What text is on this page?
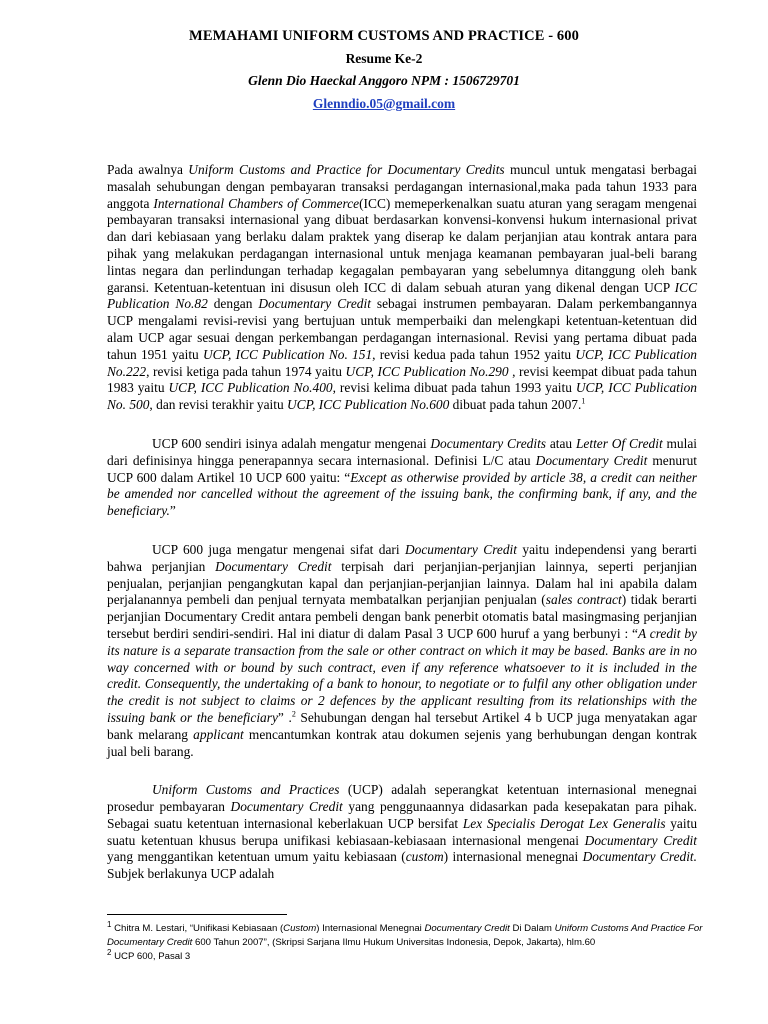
MEMAHAMI UNIFORM CUSTOMS AND PRACTICE - 600
Resume Ke-2
Glenn Dio Haeckal Anggoro NPM : 1506729701
Glenndio.05@gmail.com

Pada awalnya Uniform Customs and Practice for Documentary Credits muncul untuk mengatasi berbagai masalah sehubungan dengan pembayaran transaksi perdagangan internasional,maka pada tahun 1933 para anggota International Chambers of Commerce(ICC) memeperkenalkan suatu aturan yang seragam mengenai pembayaran transaksi internasional yang dibuat berdasarkan konvensi-konvensi hukum internasional privat dan dari kebiasaan yang berlaku dalam praktek yang diserap ke dalam perjanjian atau kontrak antara para pihak yang melakukan perdagangan internasional untuk menjaga keamanan pembayaran jual-beli barang lintas negara dan perlindungan terhadap kegagalan pembayaran yang sebelumnya ditanggung oleh bank garansi. Ketentuan-ketentuan ini disusun oleh ICC di dalam sebuah aturan yang dikenal dengan UCP ICC Publication No.82 dengan Documentary Credit sebagai instrumen pembayaran. Dalam perkembangannya UCP mengalami revisi-revisi yang bertujuan untuk memperbaiki dan melengkapi ketentuan-ketentuan did alam UCP agar sesuai dengan perkembangan perdagangan internasional. Revisi yang pertama dibuat pada tahun 1951 yaitu UCP, ICC Publication No. 151, revisi kedua pada tahun 1952 yaitu UCP, ICC Publication No.222, revisi ketiga pada tahun 1974 yaitu UCP, ICC Publication No.290 , revisi keempat dibuat pada tahun 1983 yaitu UCP, ICC Publication No.400, revisi kelima dibuat pada tahun 1993 yaitu UCP, ICC Publication No. 500, dan revisi terakhir yaitu UCP, ICC Publication No.600 dibuat pada tahun 2007.$^1$

UCP 600 sendiri isinya adalah mengatur mengenai Documentary Credits atau Letter Of Credit mulai dari definisinya hingga penerapannya secara internasional. Definisi L/C atau Documentary Credit menurut UCP 600 dalam Artikel 10 UCP 600 yaitu: “Except as otherwise provided by article 38, a credit can neither be amended nor cancelled without the agreement of the issuing bank, the confirming bank, if any, and the beneficiary.”

UCP 600 juga mengatur mengenai sifat dari Documentary Credit yaitu independensi yang berarti bahwa perjanjian Documentary Credit terpisah dari perjanjian-perjanjian lainnya, seperti perjanjian penjualan, perjanjian pengangkutan kapal dan perjanjian-perjanjian lainnya. Dalam hal ini apabila dalam perjalanannya pembeli dan penjual ternyata membatalkan perjanjian penjualan (sales contract) tidak berarti perjanjian Documentary Credit antara pembeli dengan bank penerbit otomatis batal masingmasing perjanjian tersebut berdiri sendiri-sendiri. Hal ini diatur di dalam Pasal 3 UCP 600 huruf a yang berbunyi : “A credit by its nature is a separate transaction from the sale or other contract on which it may be based. Banks are in no way concerned with or bound by such contract, even if any reference whatsoever to it is included in the credit. Consequently, the undertaking of a bank to honour, to negotiate or to fulfil any other obligation under the credit is not subject to claims or 2 defences by the applicant resulting from its relationships with the issuing bank or the beneficiary” .$^2$ Sehubungan dengan hal tersebut Artikel 4 b UCP juga menyatakan agar bank melarang applicant mencantumkan kontrak atau dokumen sejenis yang berhubungan dengan kontrak jual beli barang.

Uniform Customs and Practices (UCP) adalah seperangkat ketentuan internasional menegnai prosedur pembayaran Documentary Credit yang penggunaannya didasarkan pada kesepakatan para pihak. Sebagai suatu ketentuan internasional keberlakuan UCP bersifat Lex Specialis Derogat Lex Generalis yaitu suatu ketentuan khusus berupa unifikasi kebiasaan-kebiasaan internasional mengenai Documentary Credit yang menggantikan ketentuan umum yaitu kebiasaan (custom) internasional menegnai Documentary Credit. Subjek berlakunya UCP adalah

$^1$ Chitra M. Lestari, “Unifikasi Kebiasaan (Custom) Internasional Menegnai Documentary Credit Di Dalam Uniform Customs And Practice For Documentary Credit 600 Tahun 2007”, (Skripsi Sarjana Ilmu Hukum Universitas Indonesia, Depok, Jakarta), hlm.60

$^2$ UCP 600, Pasal 3
